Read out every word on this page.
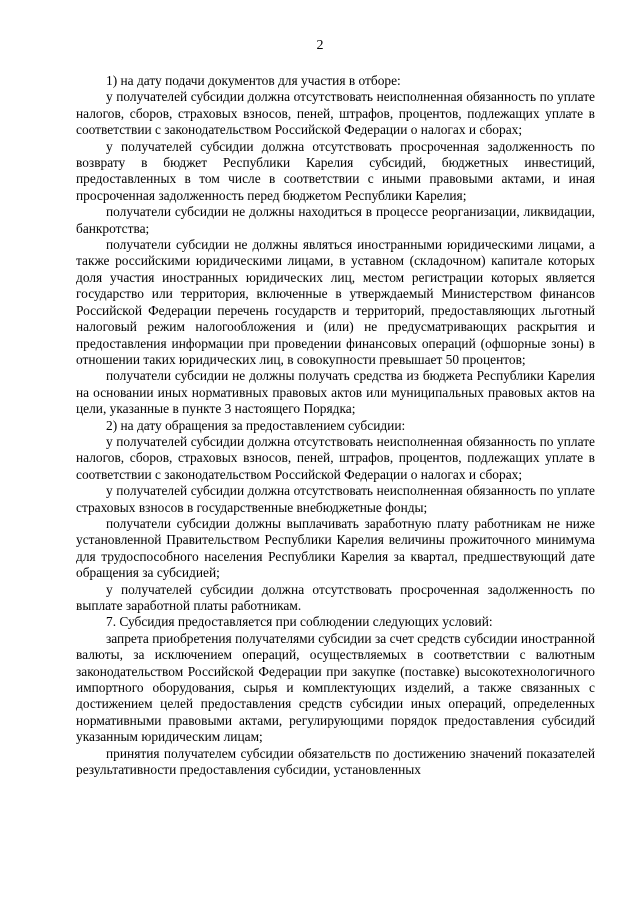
2

1) на дату подачи документов для участия в отборе:

у получателей субсидии должна отсутствовать неисполненная обязанность по уплате налогов, сборов, страховых взносов, пеней, штрафов, процентов, подлежащих уплате в соответствии с законодательством Российской Федерации о налогах и сборах;

у получателей субсидии должна отсутствовать просроченная задолженность по возврату в бюджет Республики Карелия субсидий, бюджетных инвестиций, предоставленных в том числе в соответствии с иными правовыми актами, и иная просроченная задолженность перед бюджетом Республики Карелия;

получатели субсидии не должны находиться в процессе реорганизации, ликвидации, банкротства;

получатели субсидии не должны являться иностранными юридическими лицами, а также российскими юридическими лицами, в уставном (складочном) капитале которых доля участия иностранных юридических лиц, местом регистрации которых является государство или территория, включенные в утверждаемый Министерством финансов Российской Федерации перечень государств и территорий, предоставляющих льготный налоговый режим налогообложения и (или) не предусматривающих раскрытия и предоставления информации при проведении финансовых операций (офшорные зоны) в отношении таких юридических лиц, в совокупности превышает 50 процентов;

получатели субсидии не должны получать средства из бюджета Республики Карелия на основании иных нормативных правовых актов или муниципальных правовых актов на цели, указанные в пункте 3 настоящего Порядка;

2) на дату обращения за предоставлением субсидии:

у получателей субсидии должна отсутствовать неисполненная обязанность по уплате налогов, сборов, страховых взносов, пеней, штрафов, процентов, подлежащих уплате в соответствии с законодательством Российской Федерации о налогах и сборах;

у получателей субсидии должна отсутствовать неисполненная обязанность по уплате страховых взносов в государственные внебюджетные фонды;

получатели субсидии должны выплачивать заработную плату работникам не ниже установленной Правительством Республики Карелия величины прожиточного минимума для трудоспособного населения Республики Карелия за квартал, предшествующий дате обращения за субсидией;

у получателей субсидии должна отсутствовать просроченная задолженность по выплате заработной платы работникам.

7. Субсидия предоставляется при соблюдении следующих условий:

запрета приобретения получателями субсидии за счет средств субсидии иностранной валюты, за исключением операций, осуществляемых в соответствии с валютным законодательством Российской Федерации при закупке (поставке) высокотехнологичного импортного оборудования, сырья и комплектующих изделий, а также связанных с достижением целей предоставления средств субсидии иных операций, определенных нормативными правовыми актами, регулирующими порядок предоставления субсидий указанным юридическим лицам;

принятия получателем субсидии обязательств по достижению значений показателей результативности предоставления субсидии, установленных
